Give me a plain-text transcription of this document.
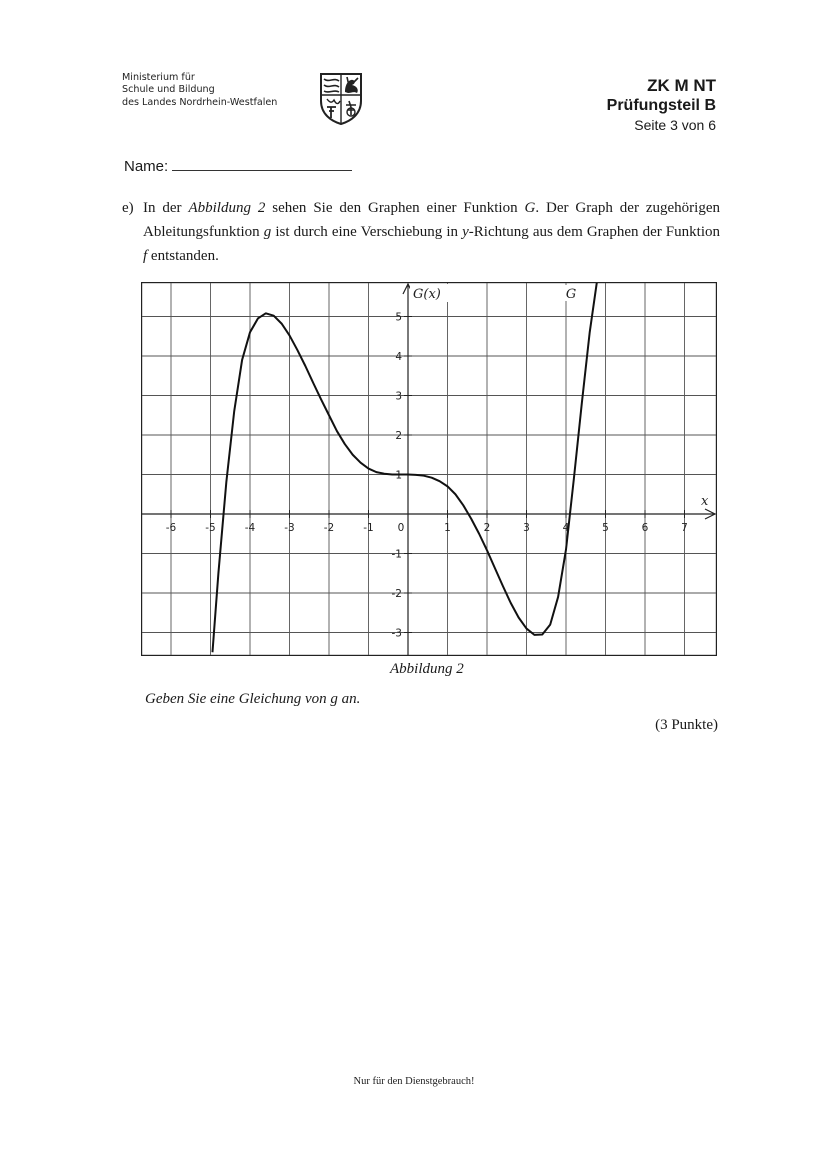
Ministerium für
Schule und Bildung
des Landes Nordrhein-Westfalen
ZK M NT
Prüfungsteil B
Seite 3 von 6
Name:
e) In der Abbildung 2 sehen Sie den Graphen einer Funktion G. Der Graph der zugehörigen Ableitungsfunktion g ist durch eine Verschiebung in y-Richtung aus dem Graphen der Funktion f entstanden.
-6	-5	-4	-3	-2	-1 0	1	2	3	4	5	6	7
-3
-2
-1
1
2
3
4
5
x
G(x)	G
Abbildung 2
Geben Sie eine Gleichung von g an.
(3 Punkte)
Nur für den Dienstgebrauch!
